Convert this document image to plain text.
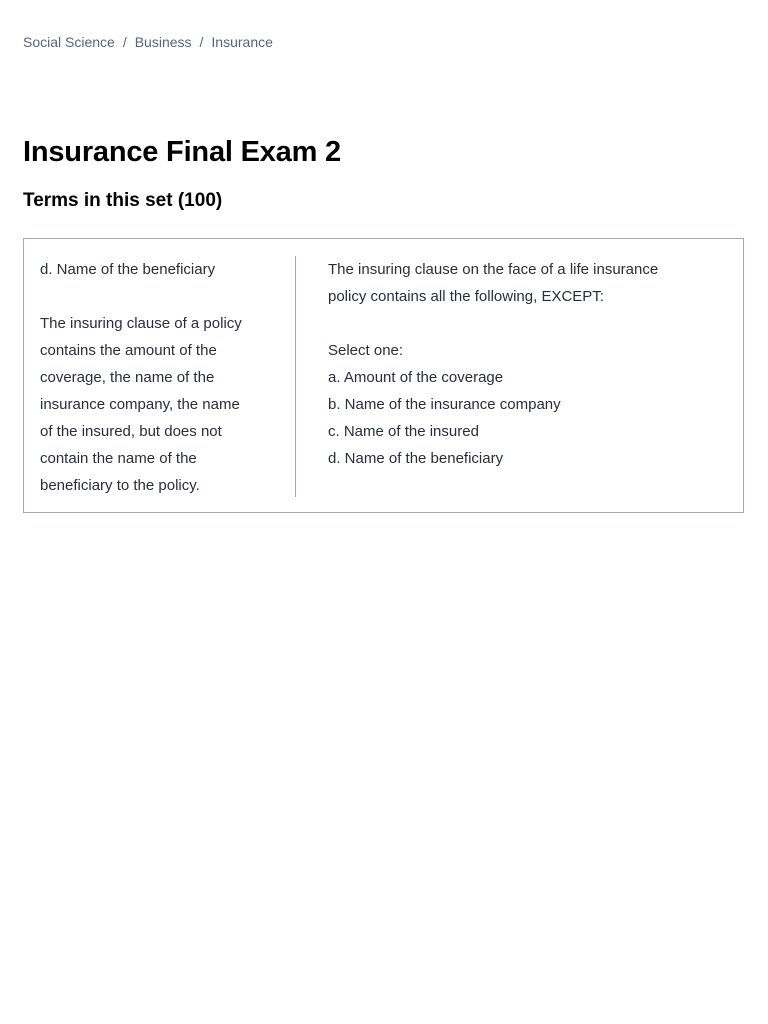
Social Science / Business / Insurance
Insurance Final Exam 2
Terms in this set (100)
d. Name of the beneficiary
The insuring clause of a policy
contains the amount of the
coverage, the name of the
insurance company, the name
of the insured, but does not
contain the name of the
beneficiary to the policy.
The insuring clause on the face of a life insurance
policy contains all the following, EXCEPT:
Select one:
a. Amount of the coverage
b. Name of the insurance company
c. Name of the insured
d. Name of the beneficiary
